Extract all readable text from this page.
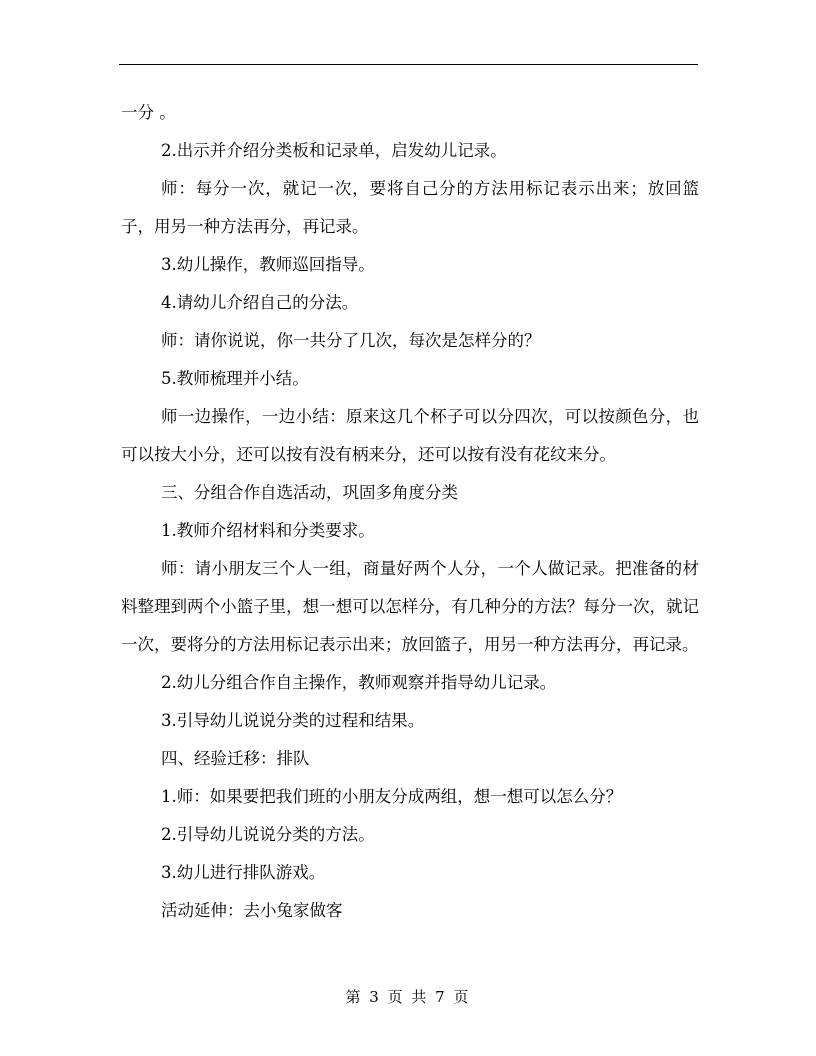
一分 。

2.出示并介绍分类板和记录单，启发幼儿记录。

师：每分一次，就记一次，要将自己分的方法用标记表示出来；放回篮子，用另一种方法再分，再记录。

3.幼儿操作，教师巡回指导。

4.请幼儿介绍自己的分法。

师：请你说说，你一共分了几次，每次是怎样分的？

5.教师梳理并小结。

师一边操作，一边小结：原来这几个杯子可以分四次，可以按颜色分，也可以按大小分，还可以按有没有柄来分，还可以按有没有花纹来分。

三、分组合作自选活动，巩固多角度分类

1.教师介绍材料和分类要求。

师：请小朋友三个人一组，商量好两个人分，一个人做记录。把准备的材料整理到两个小篮子里，想一想可以怎样分，有几种分的方法？每分一次，就记一次，要将分的方法用标记表示出来；放回篮子，用另一种方法再分，再记录。

2.幼儿分组合作自主操作，教师观察并指导幼儿记录。

3.引导幼儿说说分类的过程和结果。

四、经验迁移：排队

1.师：如果要把我们班的小朋友分成两组，想一想可以怎么分？

2.引导幼儿说说分类的方法。

3.幼儿进行排队游戏。

活动延伸：去小兔家做客

第 3 页 共 7 页
